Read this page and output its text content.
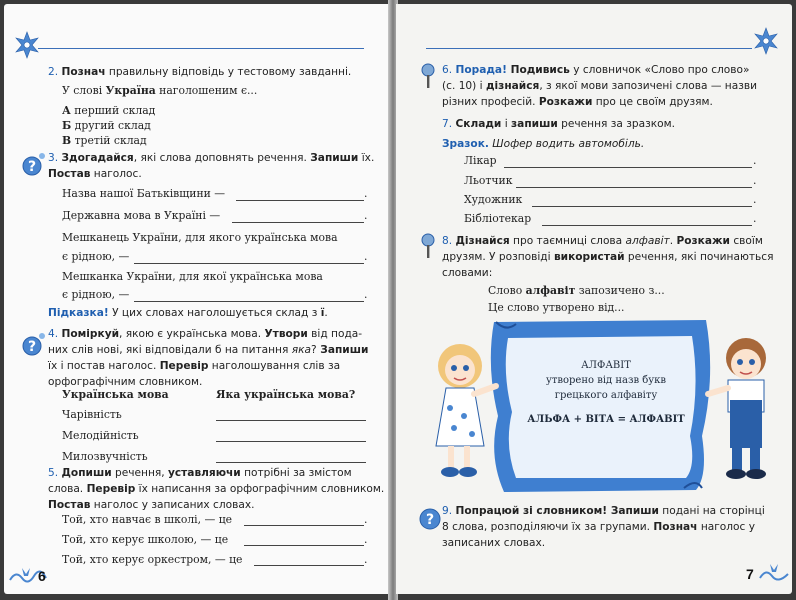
2. Познач правильну відповідь у тестовому завданні.
У слові Україна наголошеним є...
А перший склад
Б другий склад
В третій склад
?
3. Здогадайся, які слова доповнять речення. Запиши їх.
Постав наголос.
Назва нашої Батьківщини —	.
Державна мова в Україні —	.
Мешканець України, для якого українська мова
є рідною, —	.
Мешканка України, для якої українська мова
є рідною, —	.
Підказка! У цих словах наголошується склад з ї.
?
4. Поміркуй, якою є українська мова. Утвори від пода-
них слів нові, які відповідали б на питання яка? Запиши
їх і постав наголос. Перевір наголошування слів за
орфографічним словником.
Українська мова	Яка українська мова?
Чарівність
Мелодійність
Милозвучність
5. Допиши речення, уставляючи потрібні за змістом
слова. Перевір їх написання за орфографічним словником.
Постав наголос у записаних словах.
Той, хто навчає в школі, — це	.
Той, хто керує школою, — це	.
Той, хто керує оркестром, — це	.
6
6. Порада! Подивись у словничок «Слово про слово»
(с. 10) і дізнайся, з якої мови запозичені слова — назви
різних професій. Розкажи про це своїм друзям.
7. Склади і запиши речення за зразком.
Зразок. Шофер водить автомобіль.
Лікар	.
Льотчик	.
Художник	.
Бібліотекар	.
8. Дізнайся про таємниці слова алфавіт. Розкажи своїм
друзям. У розповіді використай речення, які починаються
словами:
Слово алфавіт запозичено з...
Це слово утворено від...
АЛФАВІТ
утворено від назв букв
грецького алфавіту
АЛЬФА + ВІТА = АЛФАВІТ
?
9. Попрацюй зі словником! Запиши подані на сторінці
8 слова, розподіляючи їх за групами. Познач наголос у
записаних словах.
7
